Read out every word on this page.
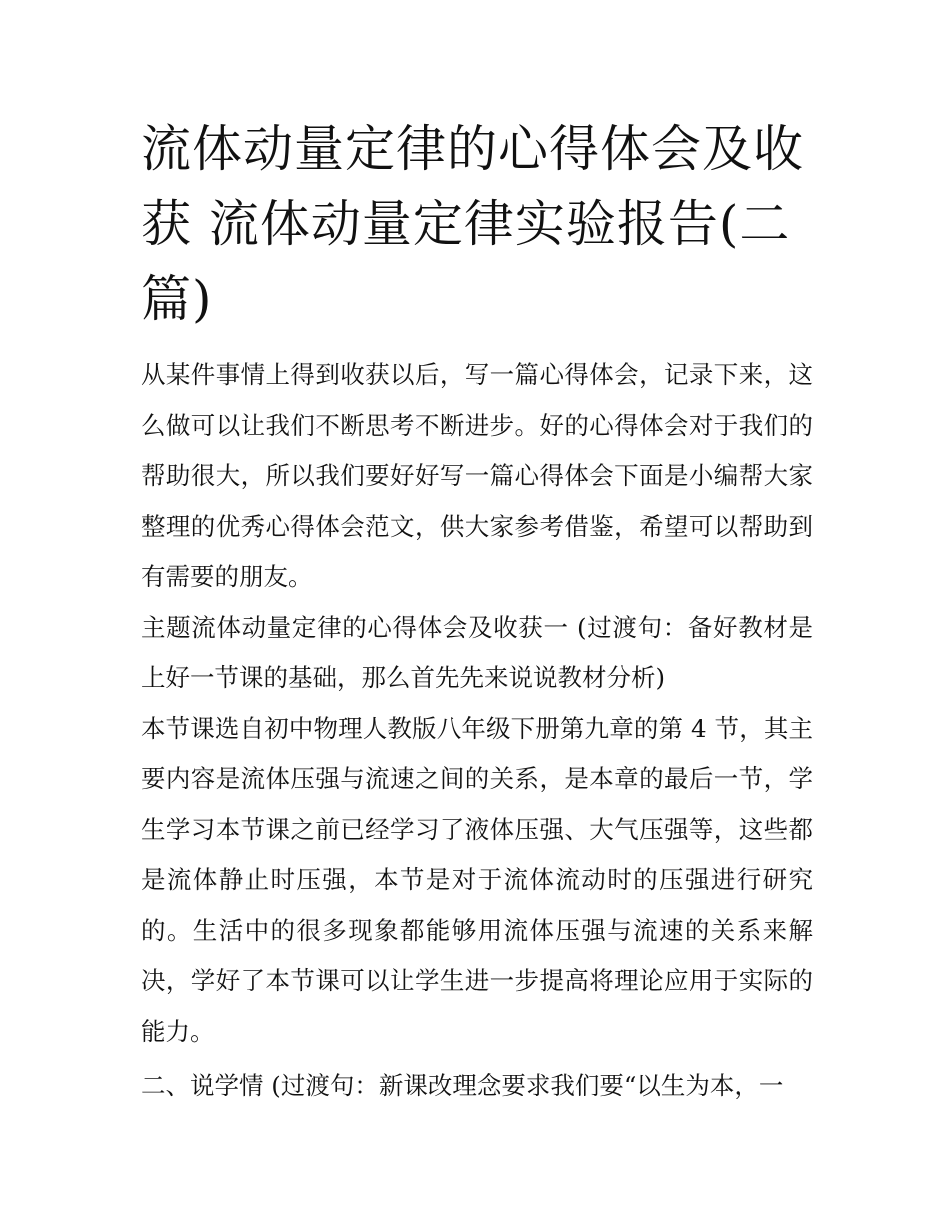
流体动量定律的心得体会及收获 流体动量定律实验报告(二篇)

从某件事情上得到收获以后，写一篇心得体会，记录下来，这么做可以让我们不断思考不断进步。好的心得体会对于我们的帮助很大，所以我们要好好写一篇心得体会下面是小编帮大家整理的优秀心得体会范文，供大家参考借鉴，希望可以帮助到有需要的朋友。

主题流体动量定律的心得体会及收获一 (过渡句：备好教材是上好一节课的基础，那么首先先来说说教材分析)

本节课选自初中物理人教版八年级下册第九章的第 4 节，其主要内容是流体压强与流速之间的关系，是本章的最后一节，学生学习本节课之前已经学习了液体压强、大气压强等，这些都是流体静止时压强，本节是对于流体流动时的压强进行研究的。生活中的很多现象都能够用流体压强与流速的关系来解决，学好了本节课可以让学生进一步提高将理论应用于实际的能力。

二、说学情 (过渡句：新课改理念要求我们要“以生为本，一
